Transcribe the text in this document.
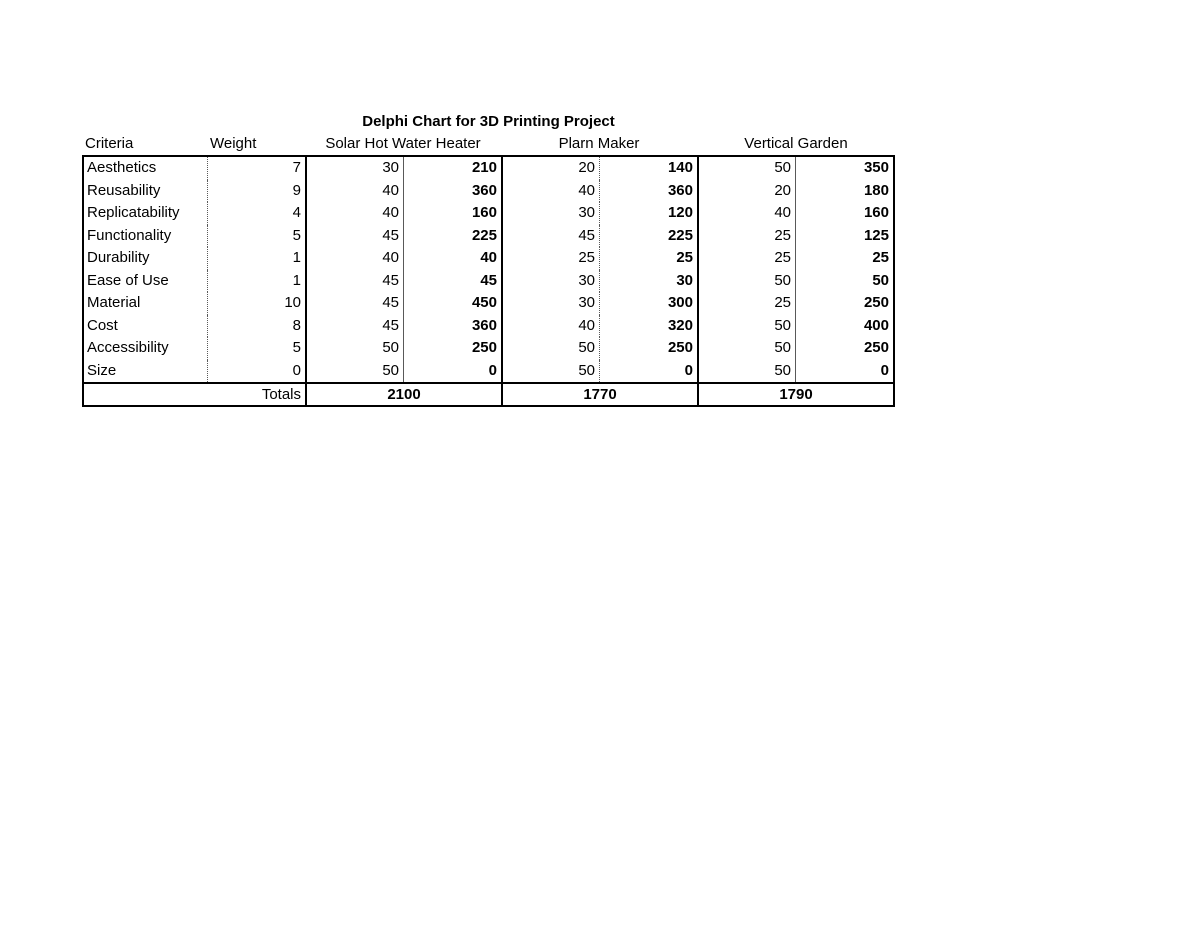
Delphi Chart for 3D Printing Project
Criteria	Weight	Solar Hot Water Heater	Plarn Maker	Vertical Garden
Aesthetics	7	30	210	20	140	50	350
Reusability	9	40	360	40	360	20	180
Replicatability	4	40	160	30	120	40	160
Functionality	5	45	225	45	225	25	125
Durability	1	40	40	25	25	25	25
Ease of Use	1	45	45	30	30	50	50
Material	10	45	450	30	300	25	250
Cost	8	45	360	40	320	50	400
Accessibility	5	50	250	50	250	50	250
Size	0	50	0	50	0	50	0
Totals	2100	1770	1790
